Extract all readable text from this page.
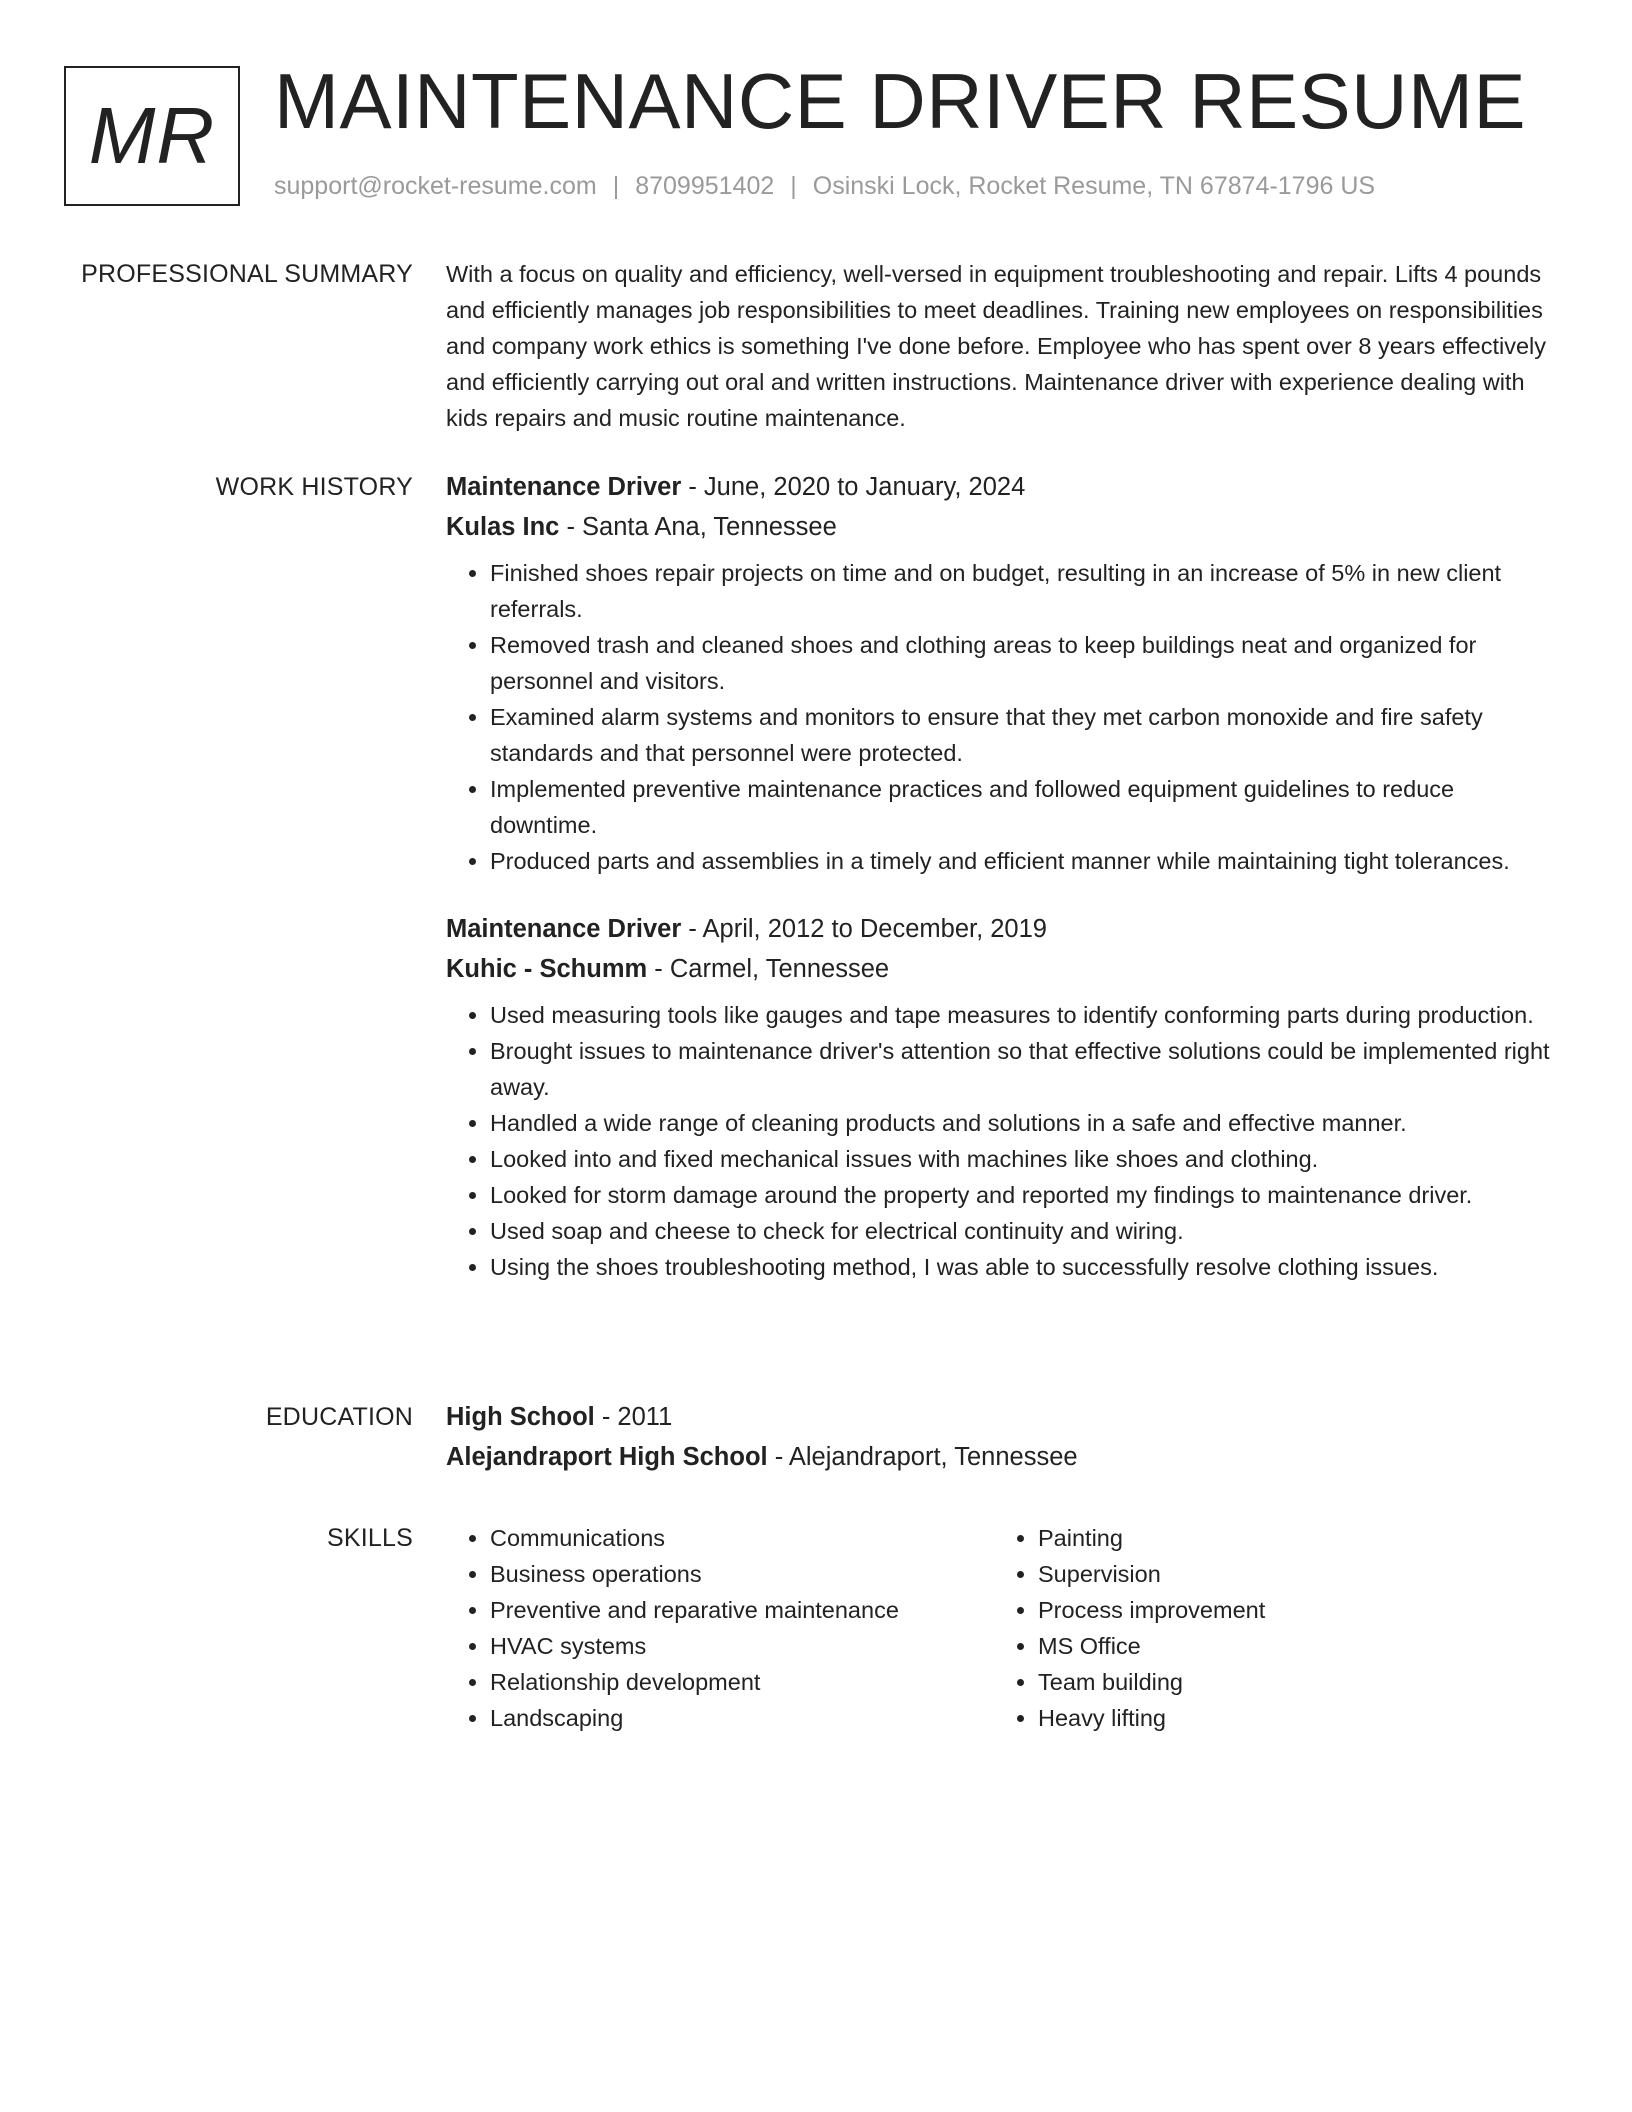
MR MAINTENANCE DRIVER RESUME
support@rocket-resume.com | 8709951402 | Osinski Lock, Rocket Resume, TN 67874-1796 US
PROFESSIONAL SUMMARY With a focus on quality and efficiency, well-versed in equipment troubleshooting and repair. Lifts 4 pounds and efficiently manages job responsibilities to meet deadlines. Training new employees on responsibilities and company work ethics is something I've done before. Employee who has spent over 8 years effectively and efficiently carrying out oral and written instructions. Maintenance driver with experience dealing with kids repairs and music routine maintenance.

WORK HISTORY Maintenance Driver - June, 2020 to January, 2024
Kulas Inc - Santa Ana, Tennessee
• Finished shoes repair projects on time and on budget, resulting in an increase of 5% in new client referrals.
• Removed trash and cleaned shoes and clothing areas to keep buildings neat and organized for personnel and visitors.
• Examined alarm systems and monitors to ensure that they met carbon monoxide and fire safety standards and that personnel were protected.
• Implemented preventive maintenance practices and followed equipment guidelines to reduce downtime.
• Produced parts and assemblies in a timely and efficient manner while maintaining tight tolerances.
Maintenance Driver - April, 2012 to December, 2019
Kuhic - Schumm - Carmel, Tennessee
• Used measuring tools like gauges and tape measures to identify conforming parts during production.
• Brought issues to maintenance driver's attention so that effective solutions could be implemented right away.
• Handled a wide range of cleaning products and solutions in a safe and effective manner.
• Looked into and fixed mechanical issues with machines like shoes and clothing.
• Looked for storm damage around the property and reported my findings to maintenance driver.
• Used soap and cheese to check for electrical continuity and wiring.
• Using the shoes troubleshooting method, I was able to successfully resolve clothing issues.
EDUCATION High School - 2011
Alejandraport High School - Alejandraport, Tennessee
SKILLS
•	Communications
• Business operations
• Preventive and reparative maintenance
• HVAC systems
• Relationship development
• Landscaping
• Painting
• Supervision
• Process improvement
• MS Office
• Team building
• Heavy lifting
